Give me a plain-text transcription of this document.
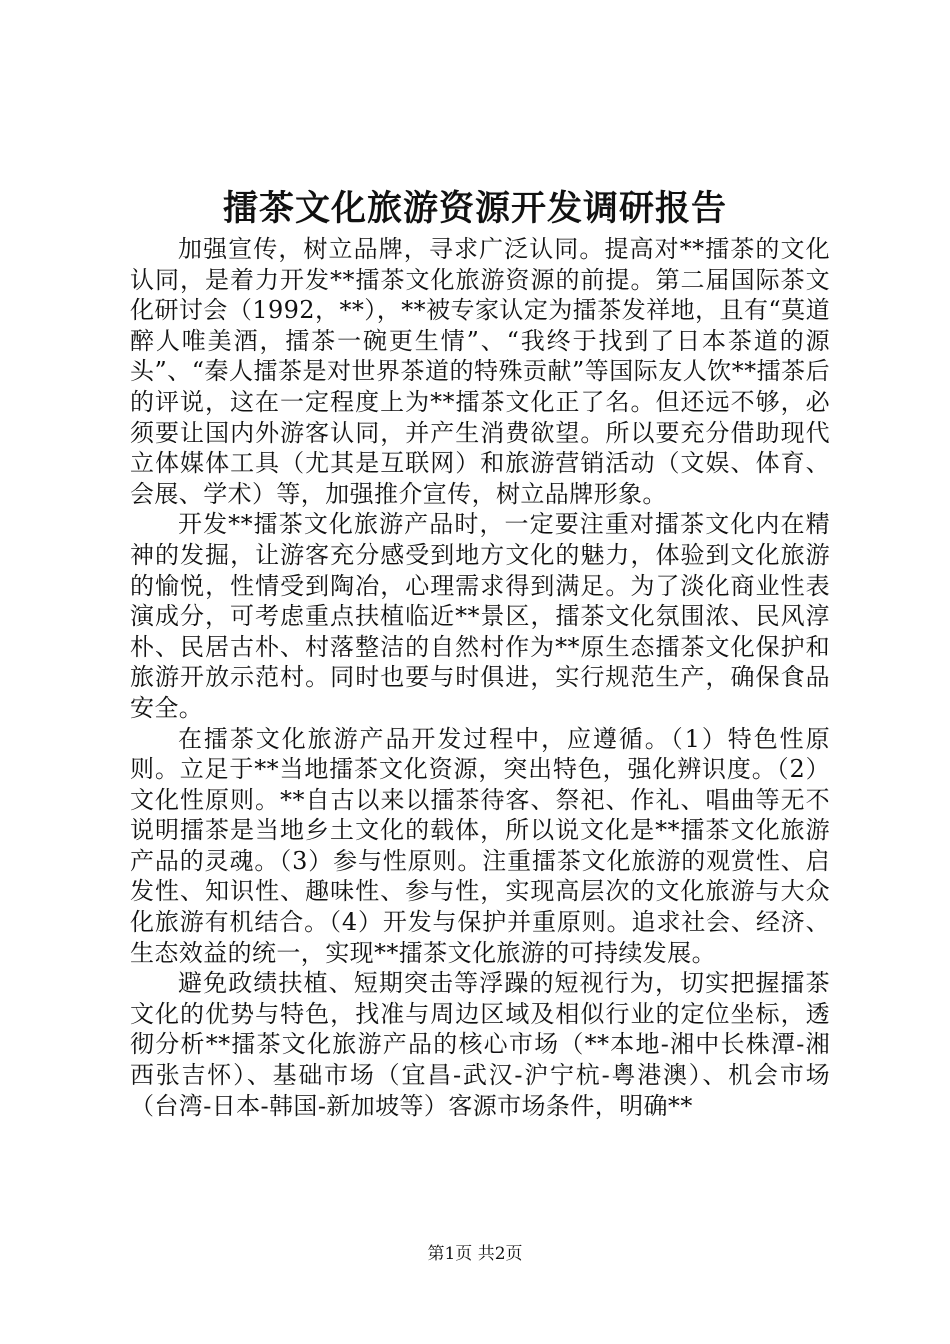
擂茶文化旅游资源开发调研报告

加强宣传，树立品牌，寻求广泛认同。提高对**擂茶的文化认同，是着力开发**擂茶文化旅游资源的前提。第二届国际茶文化研讨会（1992，**），**被专家认定为擂茶发祥地，且有“莫道醉人唯美酒，擂茶一碗更生情”、“我终于找到了日本茶道的源头”、“秦人擂茶是对世界茶道的特殊贡献”等国际友人饮**擂茶后的评说，这在一定程度上为**擂茶文化正了名。但还远不够，必须要让国内外游客认同，并产生消费欲望。所以要充分借助现代立体媒体工具（尤其是互联网）和旅游营销活动（文娱、体育、会展、学术）等，加强推介宣传，树立品牌形象。

开发**擂茶文化旅游产品时，一定要注重对擂茶文化内在精神的发掘，让游客充分感受到地方文化的魅力，体验到文化旅游的愉悦，性情受到陶冶，心理需求得到满足。为了淡化商业性表演成分，可考虑重点扶植临近**景区，擂茶文化氛围浓、民风淳朴、民居古朴、村落整洁的自然村作为**原生态擂茶文化保护和旅游开放示范村。同时也要与时俱进，实行规范生产，确保食品安全。

在擂茶文化旅游产品开发过程中，应遵循。（1）特色性原则。立足于**当地擂茶文化资源，突出特色，强化辨识度。（2）文化性原则。**自古以来以擂茶待客、祭祀、作礼、唱曲等无不说明擂茶是当地乡土文化的载体，所以说文化是**擂茶文化旅游产品的灵魂。（3）参与性原则。注重擂茶文化旅游的观赏性、启发性、知识性、趣味性、参与性，实现高层次的文化旅游与大众化旅游有机结合。（4）开发与保护并重原则。追求社会、经济、生态效益的统一，实现**擂茶文化旅游的可持续发展。

避免政绩扶植、短期突击等浮躁的短视行为，切实把握擂茶文化的优势与特色，找准与周边区域及相似行业的定位坐标，透彻分析**擂茶文化旅游产品的核心市场（**本地-湘中长株潭-湘西张吉怀）、基础市场（宜昌-武汉-沪宁杭-粤港澳）、机会市场（台湾-日本-韩国-新加坡等）客源市场条件，明确**

第1页 共2页
